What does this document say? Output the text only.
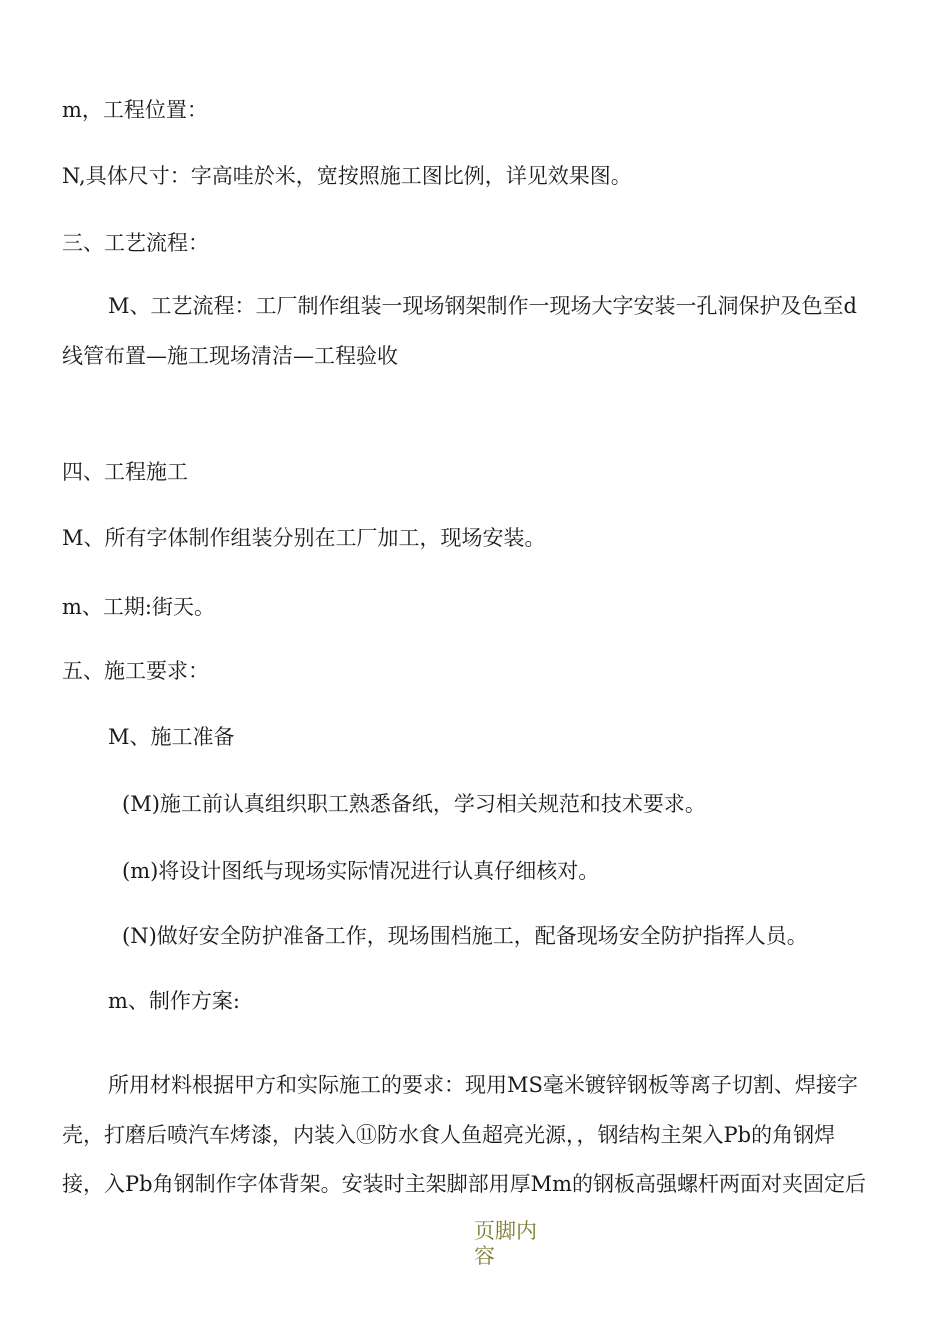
m，工程位置：

N,具体尺寸：字高哇於米，宽按照施工图比例，详见效果图。

三、工艺流程：

M、工艺流程：工厂制作组装一现场钢架制作一现场大字安装一孔洞保护及色至d

线管布置—施工现场清洁—工程验收

四、工程施工

M、所有字体制作组装分别在工厂加工，现场安装。

m、工期:街天。

五、施工要求：

M、施工准备

(M)施工前认真组织职工熟悉备纸，学习相关规范和技术要求。

(m)将设计图纸与现场实际情况进行认真仔细核对。

(N)做好安全防护准备工作，现场围档施工，配备现场安全防护指挥人员。

m、制作方案:

所用材料根据甲方和实际施工的要求：现用MS毫米镀锌钢板等离子切割、焊接字

壳，打磨后喷汽车烤漆，内装入⑪防水食人鱼超亮光源，，钢结构主架入Pb的角钢焊

接，入Pb角钢制作字体背架。安装时主架脚部用厚Mm的钢板高强螺杆两面对夹固定后

页脚内容
